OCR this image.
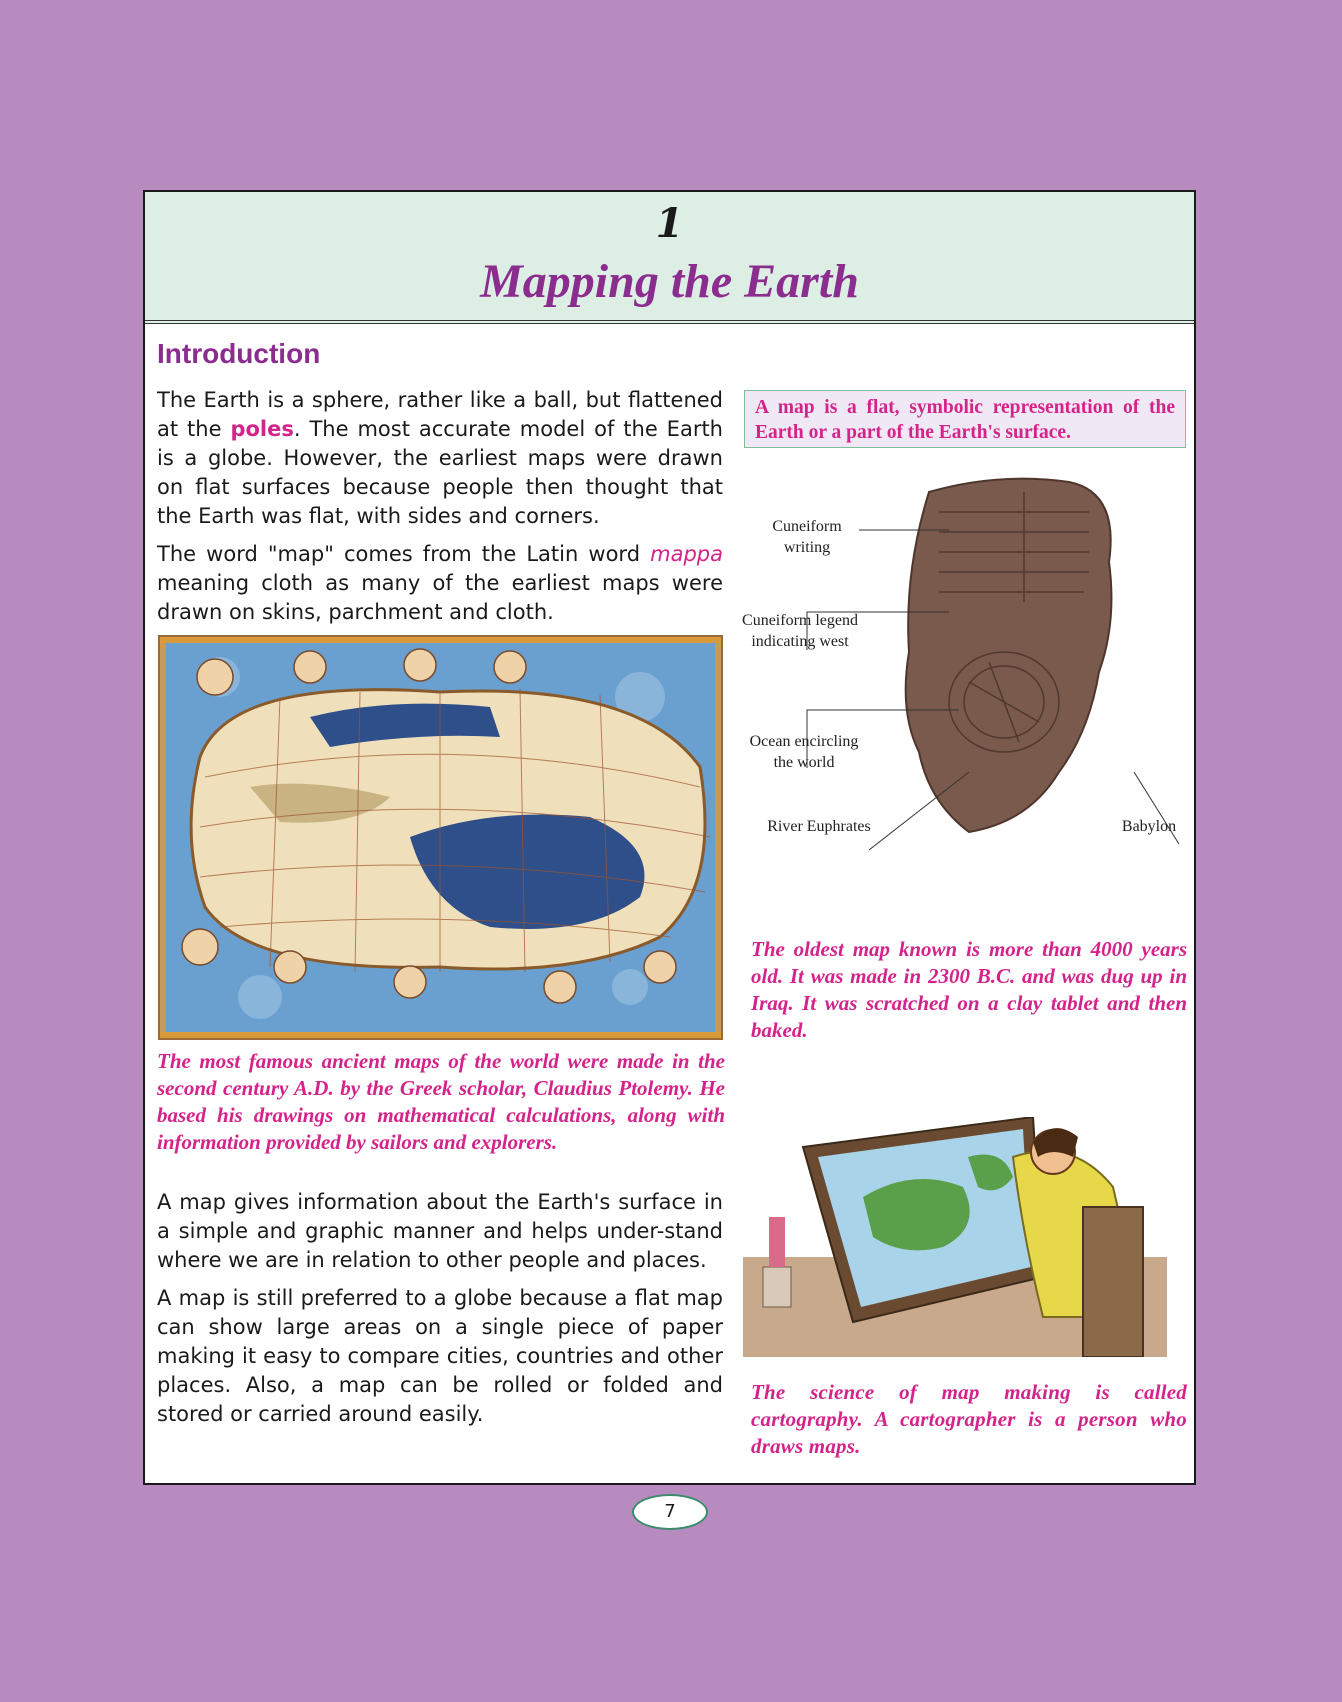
1
Mapping the Earth
Introduction

The Earth is a sphere, rather like a ball, but flattened at the poles. The most accurate model of the Earth is a globe. However, the earliest maps were drawn on flat surfaces because people then thought that the Earth was flat, with sides and corners.

The word "map" comes from the Latin word mappa meaning cloth as many of the earliest maps were drawn on skins, parchment and cloth.

A map is a flat, symbolic representation of the Earth or a part of the Earth's surface.
The most famous ancient maps of the world were made in the second century A.D. by the Greek scholar, Claudius Ptolemy. He based his drawings on mathematical calculations, along with information provided by sailors and explorers.

A map gives information about the Earth's surface in a simple and graphic manner and helps under-stand where we are in relation to other people and places.

A map is still preferred to a globe because a flat map can show large areas on a single piece of paper making it easy to compare cities, countries and other places. Also, a map can be rolled or folded and stored or carried around easily.

Cuneiform
writing
Cuneiform legend
indicating west
Ocean encircling
the world
River Euphrates	Babylon
The oldest map known is more than 4000 years old. It was made in 2300 B.C. and was dug up in Iraq. It was scratched on a clay tablet and then baked.
The science of map making is called cartography. A cartographer is a person who draws maps.
7
